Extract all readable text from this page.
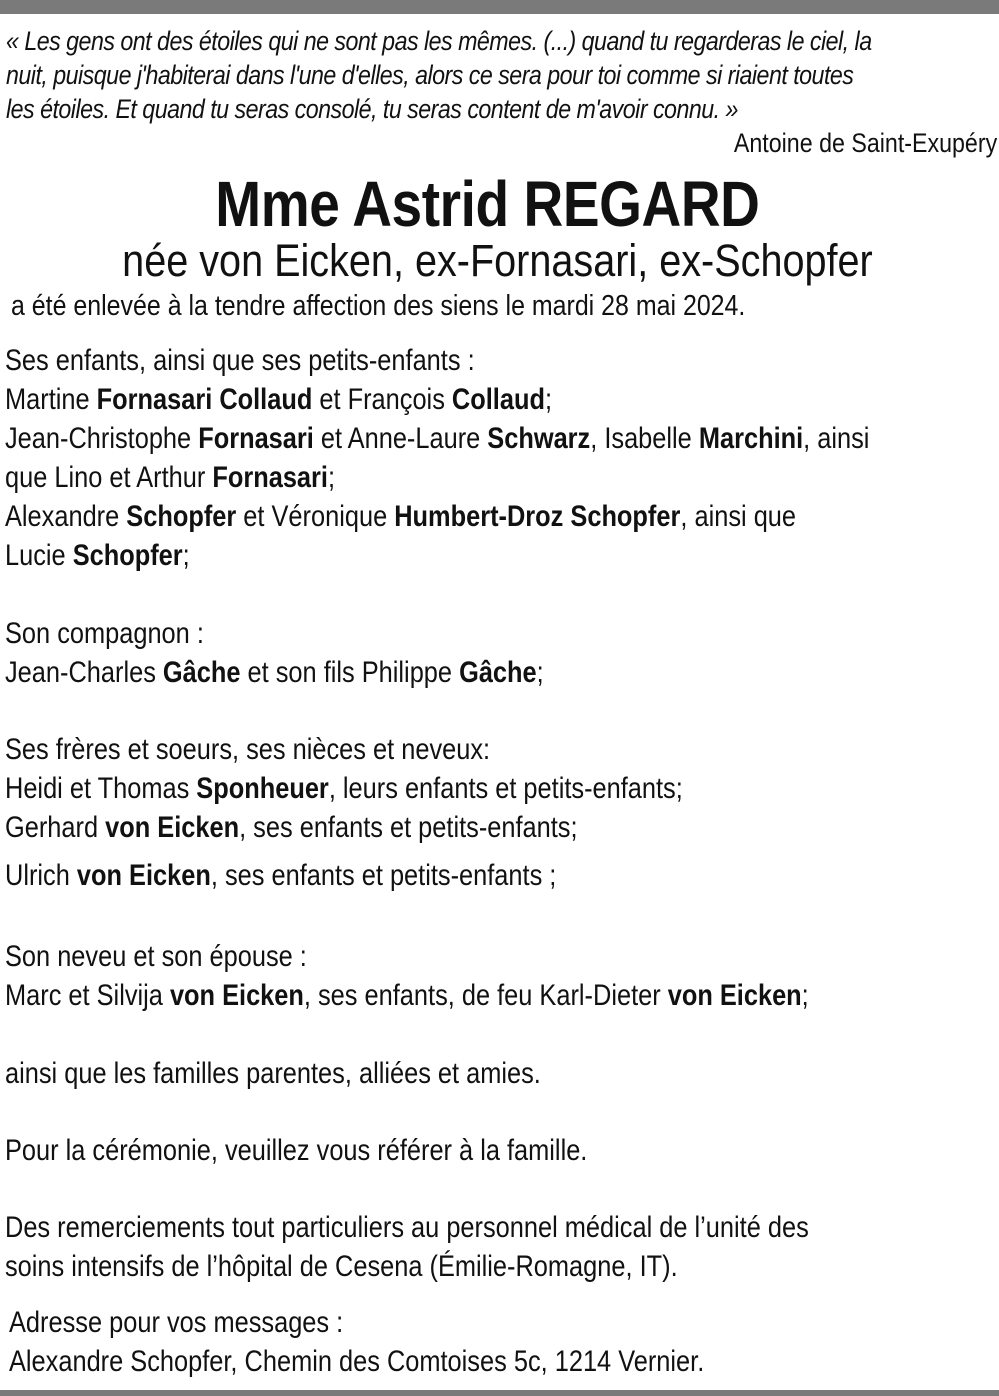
« Les gens ont des étoiles qui ne sont pas les mêmes. (...) quand tu regarderas le ciel, la
nuit, puisque j'habiterai dans l'une d'elles, alors ce sera pour toi comme si riaient toutes
les étoiles. Et quand tu seras consolé, tu seras content de m'avoir connu. »
Antoine de Saint-Exupéry
Mme Astrid REGARD
née von Eicken, ex-Fornasari, ex-Schopfer
a été enlevée à la tendre affection des siens le mardi 28 mai 2024.
Ses enfants, ainsi que ses petits-enfants :
Martine Fornasari Collaud et François Collaud;
Jean-Christophe Fornasari et Anne-Laure Schwarz, Isabelle Marchini, ainsi
que Lino et Arthur Fornasari;
Alexandre Schopfer et Véronique Humbert-Droz Schopfer, ainsi que
Lucie Schopfer;
Son compagnon :
Jean-Charles Gâche et son fils Philippe Gâche;
Ses frères et soeurs, ses nièces et neveux:
Heidi et Thomas Sponheuer, leurs enfants et petits-enfants;
Gerhard von Eicken, ses enfants et petits-enfants;
Ulrich von Eicken, ses enfants et petits-enfants ;
Son neveu et son épouse :
Marc et Silvija von Eicken, ses enfants, de feu Karl-Dieter von Eicken;
ainsi que les familles parentes, alliées et amies.
Pour la cérémonie, veuillez vous référer à la famille.
Des remerciements tout particuliers au personnel médical de l’unité des
soins intensifs de l’hôpital de Cesena (Émilie-Romagne, IT).
Adresse pour vos messages :
Alexandre Schopfer, Chemin des Comtoises 5c, 1214 Vernier.
